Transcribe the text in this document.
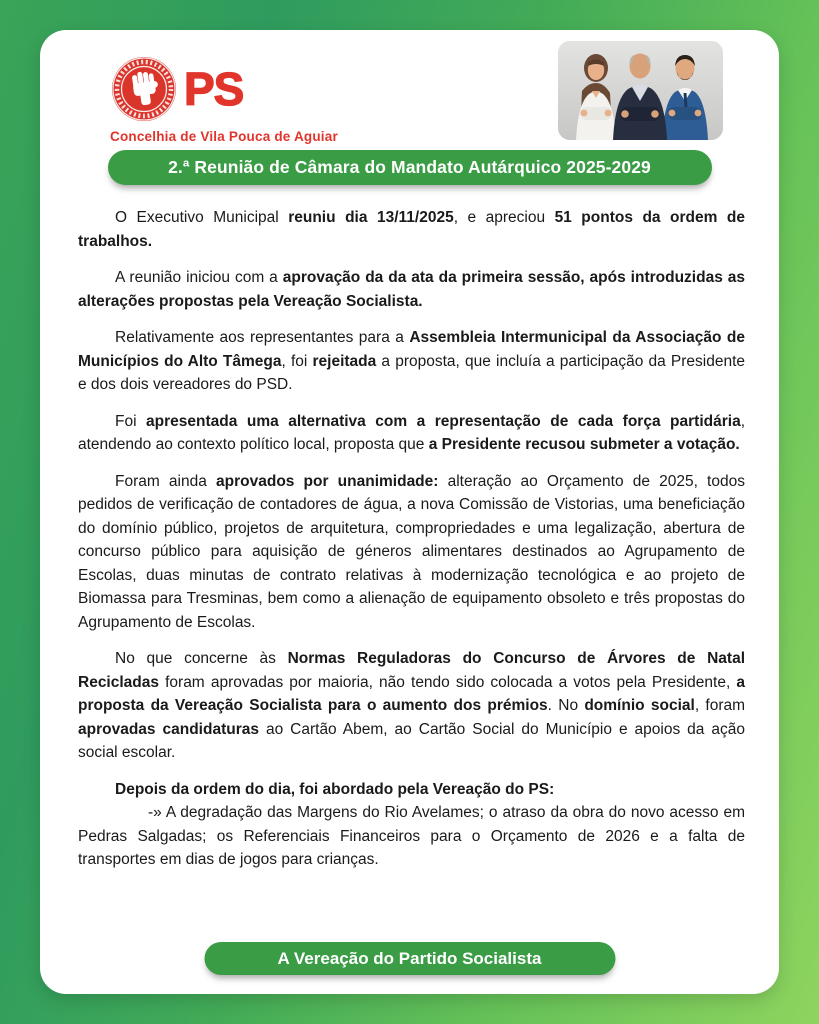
PS
Concelhia de Vila Pouca de Aguiar
2.ª Reunião de Câmara do Mandato Autárquico 2025-2029

O Executivo Municipal reuniu dia 13/11/2025, e apreciou 51 pontos da ordem de trabalhos.

A reunião iniciou com a aprovação da da ata da primeira sessão, após introduzidas as alterações propostas pela Vereação Socialista.

Relativamente aos representantes para a Assembleia Intermunicipal da Associação de Municípios do Alto Tâmega, foi rejeitada a proposta, que incluía a participação da Presidente e dos dois vereadores do PSD.

Foi apresentada uma alternativa com a representação de cada força partidária, atendendo ao contexto político local, proposta que a Presidente recusou submeter a votação.

Foram ainda aprovados por unanimidade: alteração ao Orçamento de 2025, todos pedidos de verificação de contadores de água, a nova Comissão de Vistorias, uma beneficiação do domínio público, projetos de arquitetura, compropriedades e uma legalização, abertura de concurso público para aquisição de géneros alimentares destinados ao Agrupamento de Escolas, duas minutas de contrato relativas à modernização tecnológica e ao projeto de Biomassa para Tresminas, bem como a alienação de equipamento obsoleto e três propostas do Agrupamento de Escolas.

No que concerne às Normas Reguladoras do Concurso de Árvores de Natal Recicladas foram aprovadas por maioria, não tendo sido colocada a votos pela Presidente, a proposta da Vereação Socialista para o aumento dos prémios. No domínio social, foram aprovadas candidaturas ao Cartão Abem, ao Cartão Social do Município e apoios da ação social escolar.

Depois da ordem do dia, foi abordado pela Vereação do PS:

-» A degradação das Margens do Rio Avelames; o atraso da obra do novo acesso em Pedras Salgadas; os Referenciais Financeiros para o Orçamento de 2026 e a falta de transportes em dias de jogos para crianças.

A Vereação do Partido Socialista
